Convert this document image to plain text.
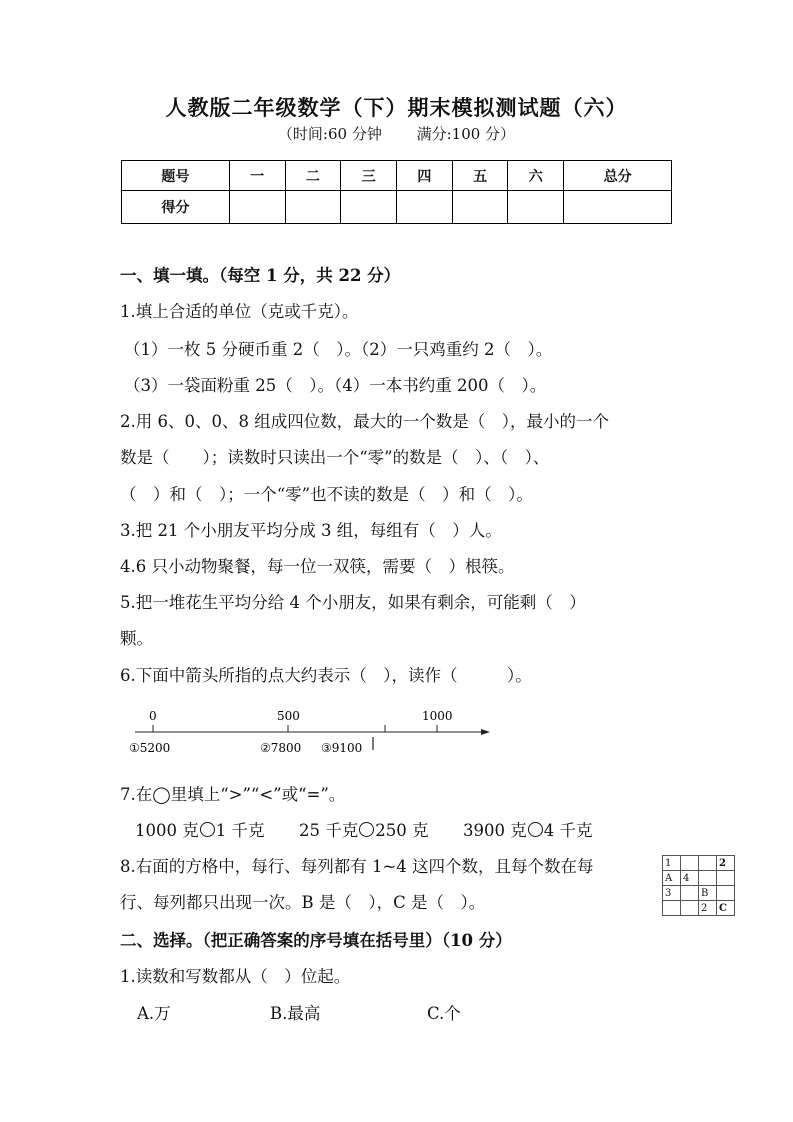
人教版二年级数学（下）期末模拟测试题（六）
（时间:60 分钟　　 满分:100 分）
题号	一	二	三	四	五	六	总分
得分							
一、填一填。（每空 1 分，共 22 分）
1.填上合适的单位（克或千克）。
（1）一枚 5 分硬币重 2（　）。（2）一只鸡重约 2（　）。
（3）一袋面粉重 25（　）。（4）一本书约重 200（　）。
2.用 6、0、0、8 组成四位数，最大的一个数是（　），最小的一个
数是（　　）；读数时只读出一个“零”的数是（　）、（　）、
（　）和（　）；一个“零”也不读的数是（　）和（　）。
3.把 21 个小朋友平均分成 3 组，每组有（　）人。
4.6 只小动物聚餐，每一位一双筷，需要（　）根筷。
5.把一堆花生平均分给 4 个小朋友，如果有剩余，可能剩（　）
颗。
6.下面中箭头所指的点大约表示（　），读作（　　　）。
0	500	1000
①5200	②7800 ③9100
7.在◯里填上“>”“<”或“=”。
1000 克 1 千克 25 千克 250 克 3900 克 4 千克
8.右面的方格中，每行、每列都有 1~4 这四个数，且每个数在每
行、每列都只出现一次。B 是（　），C 是（　）。
1			2
A	4		
3		B	
		2	C
二、选择。（把正确答案的序号填在括号里）（10 分）
1.读数和写数都从（　）位起。
A.万	B.最高	C.个
